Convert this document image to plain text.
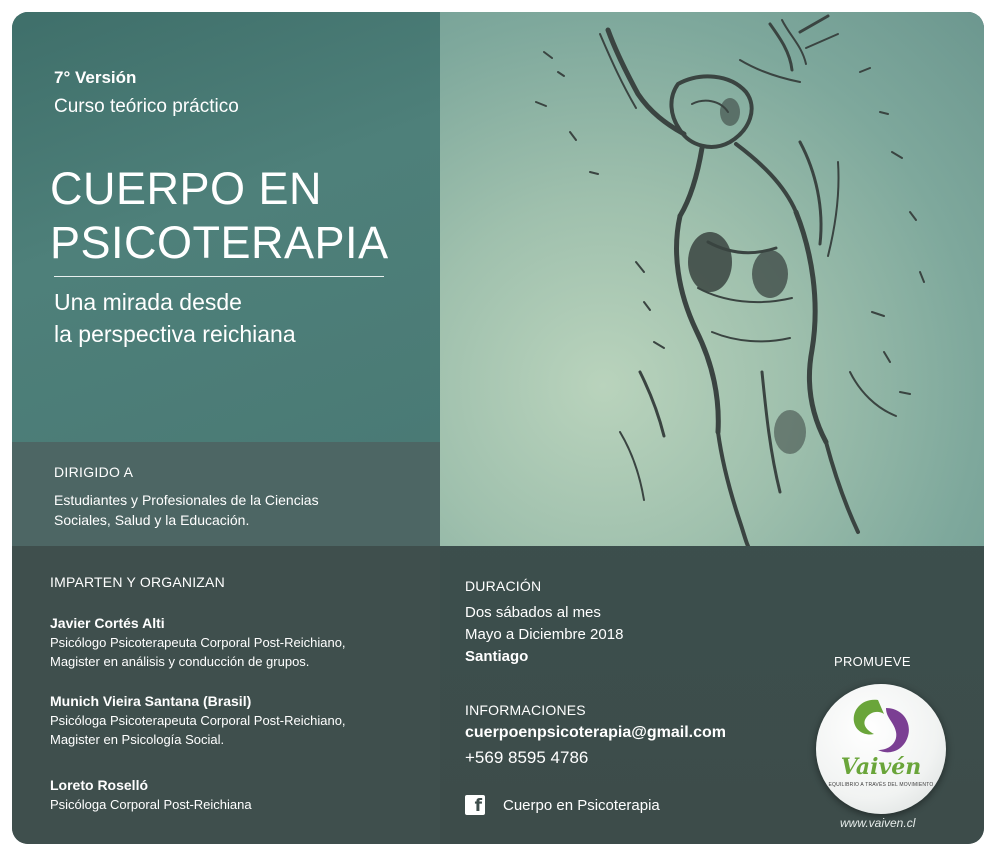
7° Versión
Curso teórico práctico
CUERPO EN
PSICOTERAPIA
Una mirada desde
la perspectiva reichiana
DIRIGIDO A
Estudiantes y Profesionales de la Ciencias
Sociales, Salud y la Educación.
IMPARTEN Y ORGANIZAN
Javier Cortés Alti
Psicólogo Psicoterapeuta Corporal Post-Reichiano,
Magister en análisis y conducción de grupos.
Munich Vieira Santana (Brasil)
Psicóloga Psicoterapeuta Corporal Post-Reichiano,
Magister en Psicología Social.
Loreto Roselló
Psicóloga Corporal Post-Reichiana
DURACIÓN
Dos sábados al mes
Mayo a Diciembre 2018
Santiago
INFORMACIONES
cuerpoenpsicoterapia@gmail.com
+569 8595 4786
f Cuerpo en Psicoterapia
PROMUEVE
Vaivén
EQUILIBRIO A TRAVÉS DEL MOVIMIENTO
www.vaiven.cl
